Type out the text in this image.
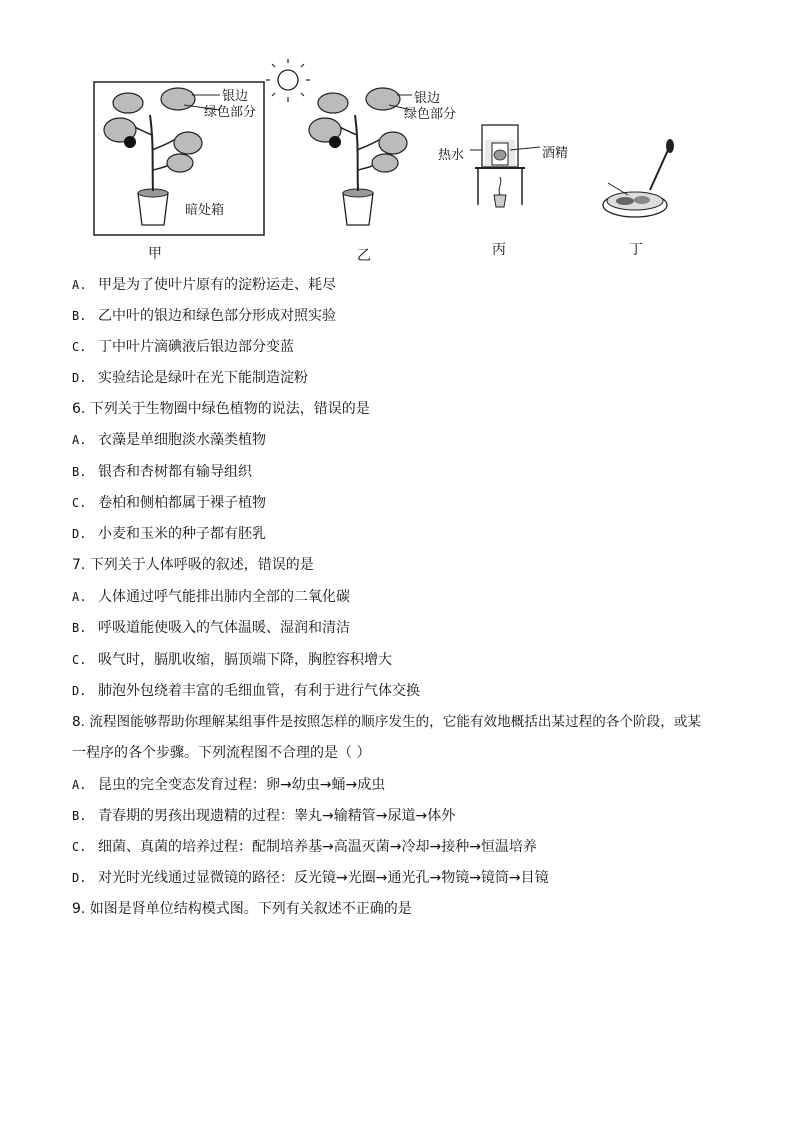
银边
绿色部分
银边
绿色部分
暗处箱
热水	酒精
甲	乙	丙	丁
A. 甲是为了使叶片原有的淀粉运走、耗尽
B. 乙中叶的银边和绿色部分形成对照实验
C. 丁中叶片滴碘液后银边部分变蓝
D. 实验结论是绿叶在光下能制造淀粉
6. 下列关于生物圈中绿色植物的说法，错误的是
A. 衣藻是单细胞淡水藻类植物
B. 银杏和杏树都有输导组织
C. 卷柏和侧柏都属于裸子植物
D. 小麦和玉米的种子都有胚乳
7. 下列关于人体呼吸的叙述，错误的是
A. 人体通过呼气能排出肺内全部的二氧化碳
B. 呼吸道能使吸入的气体温暖、湿润和清洁
C. 吸气时，膈肌收缩，膈顶端下降，胸腔容积增大
D. 肺泡外包绕着丰富的毛细血管，有利于进行气体交换
8. 流程图能够帮助你理解某组事件是按照怎样的顺序发生的，它能有效地概括出某过程的各个阶段，或某
一程序的各个步骤。下列流程图不合理的是（ ）
A. 昆虫的完全变态发育过程：卵→幼虫→蛹→成虫
B. 青春期的男孩出现遗精的过程：睾丸→输精管→尿道→体外
C. 细菌、真菌的培养过程：配制培养基→高温灭菌→冷却→接种→恒温培养
D. 对光时光线通过显微镜的路径：反光镜→光圈→通光孔→物镜→镜筒→目镜
9. 如图是肾单位结构模式图。下列有关叙述不正确的是
